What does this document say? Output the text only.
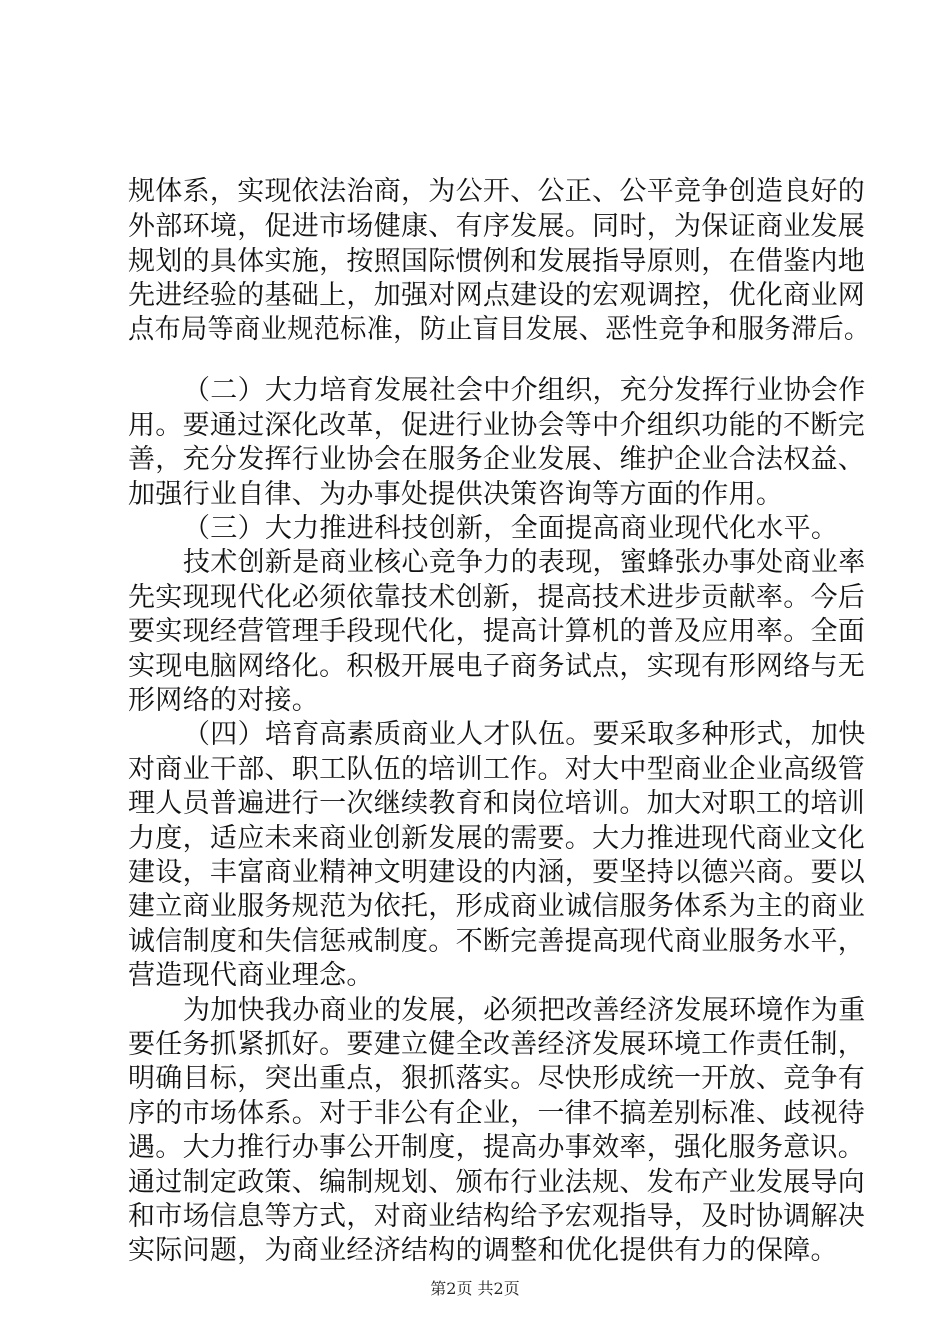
规体系，实现依法治商，为公开、公正、公平竞争创造良好的
外部环境，促进市场健康、有序发展。同时，为保证商业发展
规划的具体实施，按照国际惯例和发展指导原则，在借鉴内地
先进经验的基础上，加强对网点建设的宏观调控，优化商业网
点布局等商业规范标准，防止盲目发展、恶性竞争和服务滞后。
（二）大力培育发展社会中介组织，充分发挥行业协会作
用。要通过深化改革，促进行业协会等中介组织功能的不断完
善，充分发挥行业协会在服务企业发展、维护企业合法权益、
加强行业自律、为办事处提供决策咨询等方面的作用。
（三）大力推进科技创新，全面提高商业现代化水平。
技术创新是商业核心竞争力的表现，蜜蜂张办事处商业率
先实现现代化必须依靠技术创新，提高技术进步贡献率。今后
要实现经营管理手段现代化，提高计算机的普及应用率。全面
实现电脑网络化。积极开展电子商务试点，实现有形网络与无
形网络的对接。
（四）培育高素质商业人才队伍。要采取多种形式，加快
对商业干部、职工队伍的培训工作。对大中型商业企业高级管
理人员普遍进行一次继续教育和岗位培训。加大对职工的培训
力度，适应未来商业创新发展的需要。大力推进现代商业文化
建设，丰富商业精神文明建设的内涵，要坚持以德兴商。要以
建立商业服务规范为依托，形成商业诚信服务体系为主的商业
诚信制度和失信惩戒制度。不断完善提高现代商业服务水平，
营造现代商业理念。
为加快我办商业的发展，必须把改善经济发展环境作为重
要任务抓紧抓好。要建立健全改善经济发展环境工作责任制，
明确目标，突出重点，狠抓落实。尽快形成统一开放、竞争有
序的市场体系。对于非公有企业，一律不搞差别标准、歧视待
遇。大力推行办事公开制度，提高办事效率，强化服务意识。
通过制定政策、编制规划、颁布行业法规、发布产业发展导向
和市场信息等方式，对商业结构给予宏观指导，及时协调解决
实际问题，为商业经济结构的调整和优化提供有力的保障。
第2页 共2页
